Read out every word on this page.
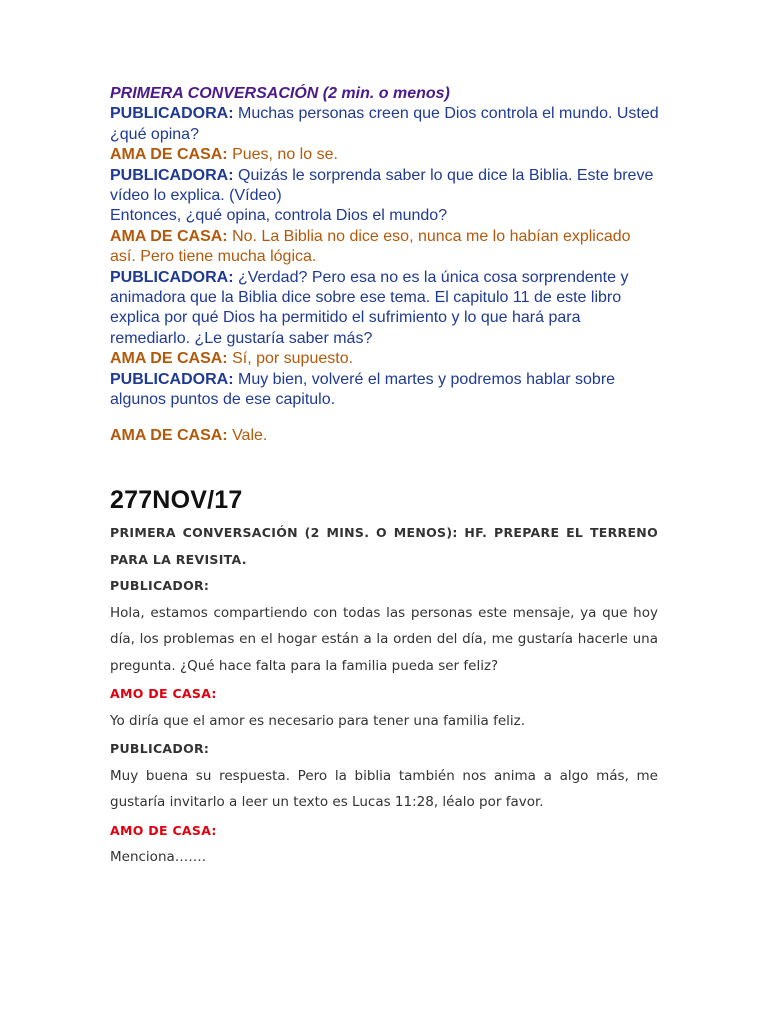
PRIMERA CONVERSACIÓN (2 min. o menos)

PUBLICADORA: Muchas personas creen que Dios controla el mundo. Usted ¿qué opina?

AMA DE CASA: Pues, no lo se.

PUBLICADORA: Quizás le sorprenda saber lo que dice la Biblia. Este breve vídeo lo explica. (Vídeo)

Entonces, ¿qué opina, controla Dios el mundo?

AMA DE CASA: No. La Biblia no dice eso, nunca me lo habían explicado así. Pero tiene mucha lógica.

PUBLICADORA: ¿Verdad? Pero esa no es la única cosa sorprendente y animadora que la Biblia dice sobre ese tema. El capitulo 11 de este libro explica por qué Dios ha permitido el sufrimiento y lo que hará para remediarlo. ¿Le gustaría saber más?

AMA DE CASA: Sí, por supuesto.

PUBLICADORA: Muy bien, volveré el martes y podremos hablar sobre algunos puntos de ese capitulo.

AMA DE CASA: Vale.

277NOV/17

PRIMERA CONVERSACIÓN (2 MINS. O MENOS): HF. PREPARE EL TERRENO PARA LA REVISITA.

PUBLICADOR:

Hola, estamos compartiendo con todas las personas este mensaje, ya que hoy día, los problemas en el hogar están a la orden del día, me gustaría hacerle una pregunta. ¿Qué hace falta para la familia pueda ser feliz?

AMO DE CASA:

Yo diría que el amor es necesario para tener una familia feliz.

PUBLICADOR:

Muy buena su respuesta. Pero la biblia también nos anima a algo más, me gustaría invitarlo a leer un texto es Lucas 11:28, léalo por favor.

AMO DE CASA:

Menciona…….
